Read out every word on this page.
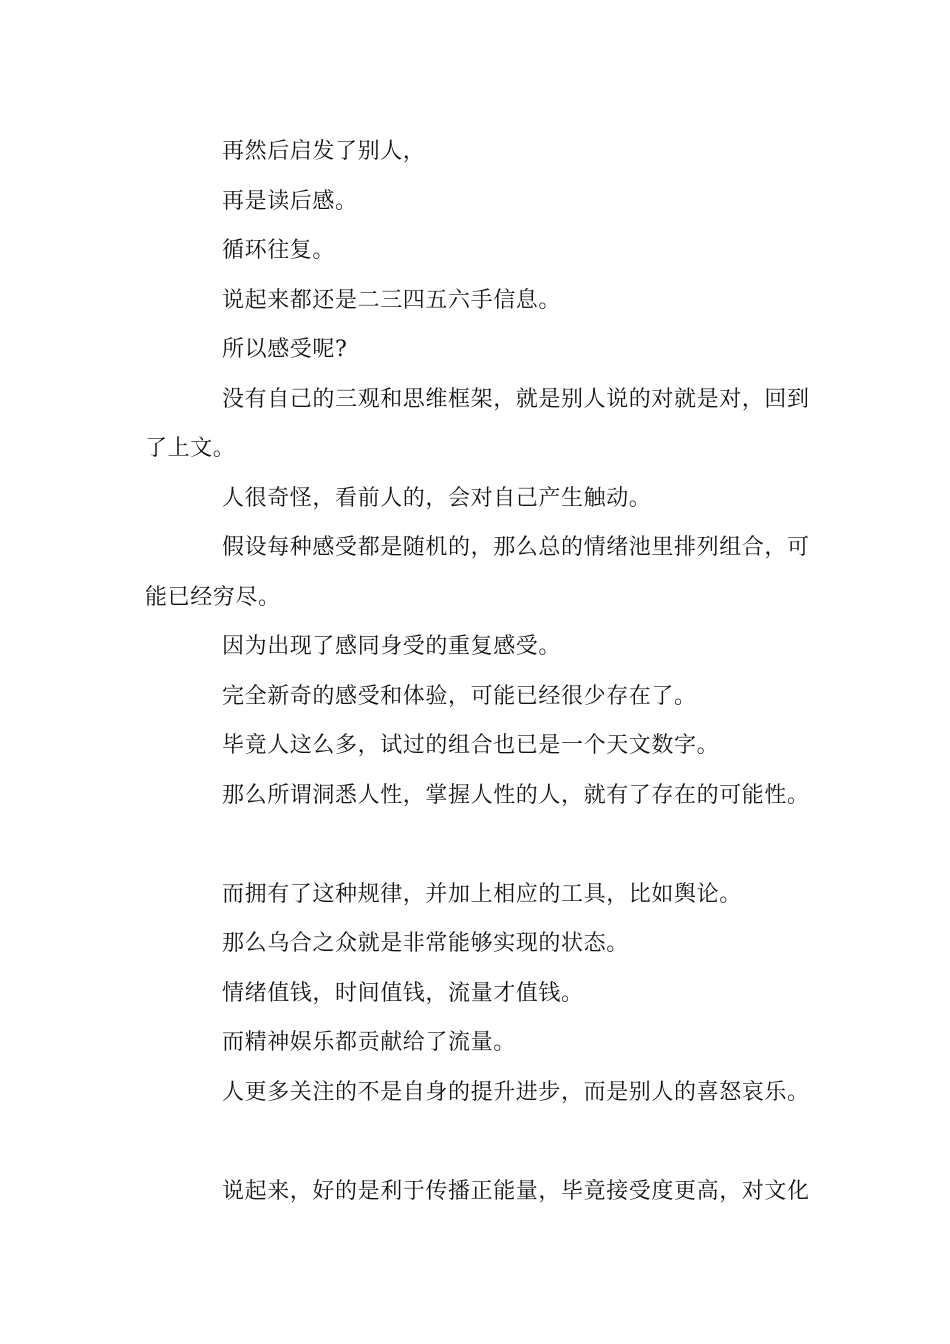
再然后启发了别人，

再是读后感。

循环往复。

说起来都还是二三四五六手信息。

所以感受呢?

没有自己的三观和思维框架，就是别人说的对就是对，回到了上文。

人很奇怪，看前人的，会对自己产生触动。

假设每种感受都是随机的，那么总的情绪池里排列组合，可能已经穷尽。

因为出现了感同身受的重复感受。

完全新奇的感受和体验，可能已经很少存在了。

毕竟人这么多，试过的组合也已是一个天文数字。

那么所谓洞悉人性，掌握人性的人，就有了存在的可能性。

而拥有了这种规律，并加上相应的工具，比如舆论。

那么乌合之众就是非常能够实现的状态。

情绪值钱，时间值钱，流量才值钱。

而精神娱乐都贡献给了流量。

人更多关注的不是自身的提升进步，而是别人的喜怒哀乐。

说起来，好的是利于传播正能量，毕竟接受度更高，对文化
